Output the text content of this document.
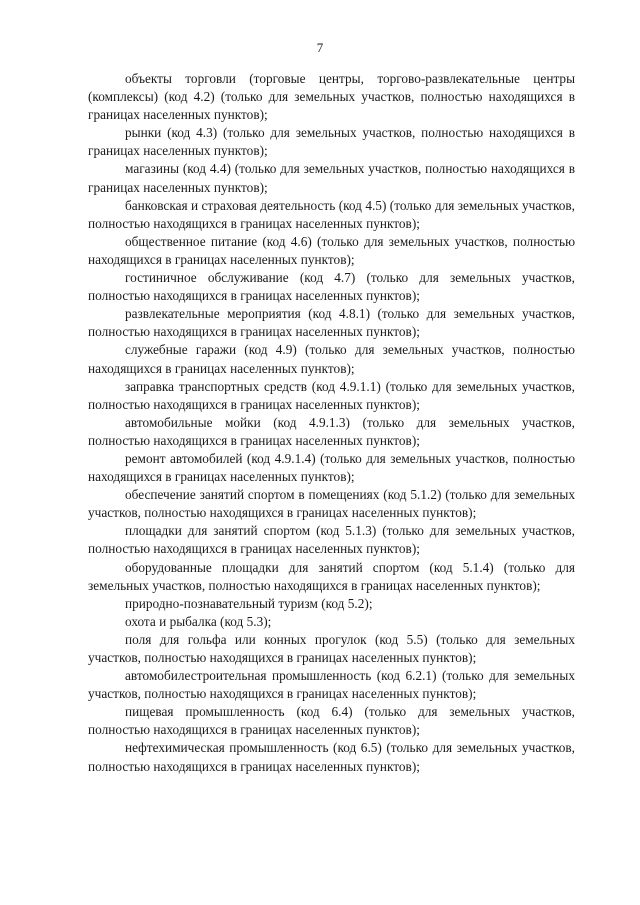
7

объекты торговли (торговые центры, торгово-развлекательные центры (комплексы) (код 4.2) (только для земельных участков, полностью находящихся в границах населенных пунктов);

рынки (код 4.3) (только для земельных участков, полностью находящихся в границах населенных пунктов);

магазины (код 4.4) (только для земельных участков, полностью находящихся в границах населенных пунктов);

банковская и страховая деятельность (код 4.5) (только для земельных участков, полностью находящихся в границах населенных пунктов);

общественное питание (код 4.6) (только для земельных участков, полностью находящихся в границах населенных пунктов);

гостиничное обслуживание (код 4.7) (только для земельных участков, полностью находящихся в границах населенных пунктов);

развлекательные мероприятия (код 4.8.1) (только для земельных участков, полностью находящихся в границах населенных пунктов);

служебные гаражи (код 4.9) (только для земельных участков, полностью находящихся в границах населенных пунктов);

заправка транспортных средств (код 4.9.1.1) (только для земельных участков, полностью находящихся в границах населенных пунктов);

автомобильные мойки (код 4.9.1.3) (только для земельных участков, полностью находящихся в границах населенных пунктов);

ремонт автомобилей (код 4.9.1.4) (только для земельных участков, полностью находящихся в границах населенных пунктов);

обеспечение занятий спортом в помещениях (код 5.1.2) (только для земельных участков, полностью находящихся в границах населенных пунктов);

площадки для занятий спортом (код 5.1.3) (только для земельных участков, полностью находящихся в границах населенных пунктов);

оборудованные площадки для занятий спортом (код 5.1.4) (только для земельных участков, полностью находящихся в границах населенных пунктов);

природно-познавательный туризм (код 5.2);

охота и рыбалка (код 5.3);

поля для гольфа или конных прогулок (код 5.5) (только для земельных участков, полностью находящихся в границах населенных пунктов);

автомобилестроительная промышленность (код 6.2.1) (только для земельных участков, полностью находящихся в границах населенных пунктов);

пищевая промышленность (код 6.4) (только для земельных участков, полностью находящихся в границах населенных пунктов);

нефтехимическая промышленность (код 6.5) (только для земельных участков, полностью находящихся в границах населенных пунктов);
